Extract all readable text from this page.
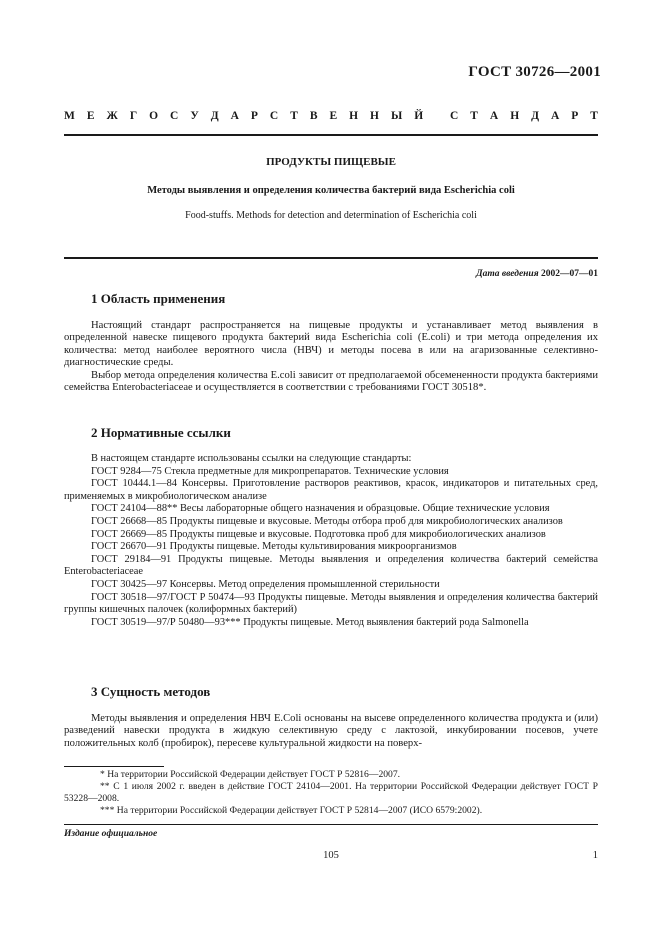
ГОСТ 30726—2001
М Е Ж Г О С У Д А Р С Т В Е Н Н Ы Й
С Т А Н Д А Р Т
ПРОДУКТЫ ПИЩЕВЫЕ
Методы выявления и определения количества бактерий вида Escherichia coli
Food-stuffs. Methods for detection and determination of Escherichia coli
Дата введения 2002—07—01
1 Область применения

Настоящий стандарт распространяется на пищевые продукты и устанавливает метод выявления в определенной навеске пищевого продукта бактерий вида Escherichia coli (E.coli) и три метода определения их количества: метод наиболее вероятного числа (НВЧ) и методы посева в или на агаризованные селективно-диагностические среды.

Выбор метода определения количества E.coli зависит от предполагаемой обсемененности продукта бактериями семейства Enterobacteriaceae и осуществляется в соответствии с требованиями ГОСТ 30518*.

2 Нормативные ссылки

В настоящем стандарте использованы ссылки на следующие стандарты:

ГОСТ 9284—75 Стекла предметные для микропрепаратов. Технические условия

ГОСТ 10444.1—84 Консервы. Приготовление растворов реактивов, красок, индикаторов и питательных сред, применяемых в микробиологическом анализе

ГОСТ 24104—88** Весы лабораторные общего назначения и образцовые. Общие технические условия

ГОСТ 26668—85 Продукты пищевые и вкусовые. Методы отбора проб для микробиологических анализов

ГОСТ 26669—85 Продукты пищевые и вкусовые. Подготовка проб для микробиологических анализов

ГОСТ 26670—91 Продукты пищевые. Методы культивирования микроорганизмов

ГОСТ 29184—91 Продукты пищевые. Методы выявления и определения количества бактерий семейства Enterobacteriaceae

ГОСТ 30425—97 Консервы. Метод определения промышленной стерильности

ГОСТ 30518—97/ГОСТ Р 50474—93 Продукты пищевые. Методы выявления и определения количества бактерий группы кишечных палочек (колиформных бактерий)

ГОСТ 30519—97/Р 50480—93*** Продукты пищевые. Метод выявления бактерий рода Salmonella

3 Сущность методов

Методы выявления и определения НВЧ E.Coli основаны на высеве определенного количества продукта и (или) разведений навески продукта в жидкую селективную среду с лактозой, инкубировании посевов, учете положительных колб (пробирок), пересеве культуральной жидкости на поверх-

* На территории Российской Федерации действует ГОСТ Р 52816—2007.

** С 1 июля 2002 г. введен в действие ГОСТ 24104—2001. На территории Российской Федерации действует ГОСТ Р 53228—2008.

*** На территории Российской Федерации действует ГОСТ Р 52814—2007 (ИСО 6579:2002).

Издание официальное
105	1
